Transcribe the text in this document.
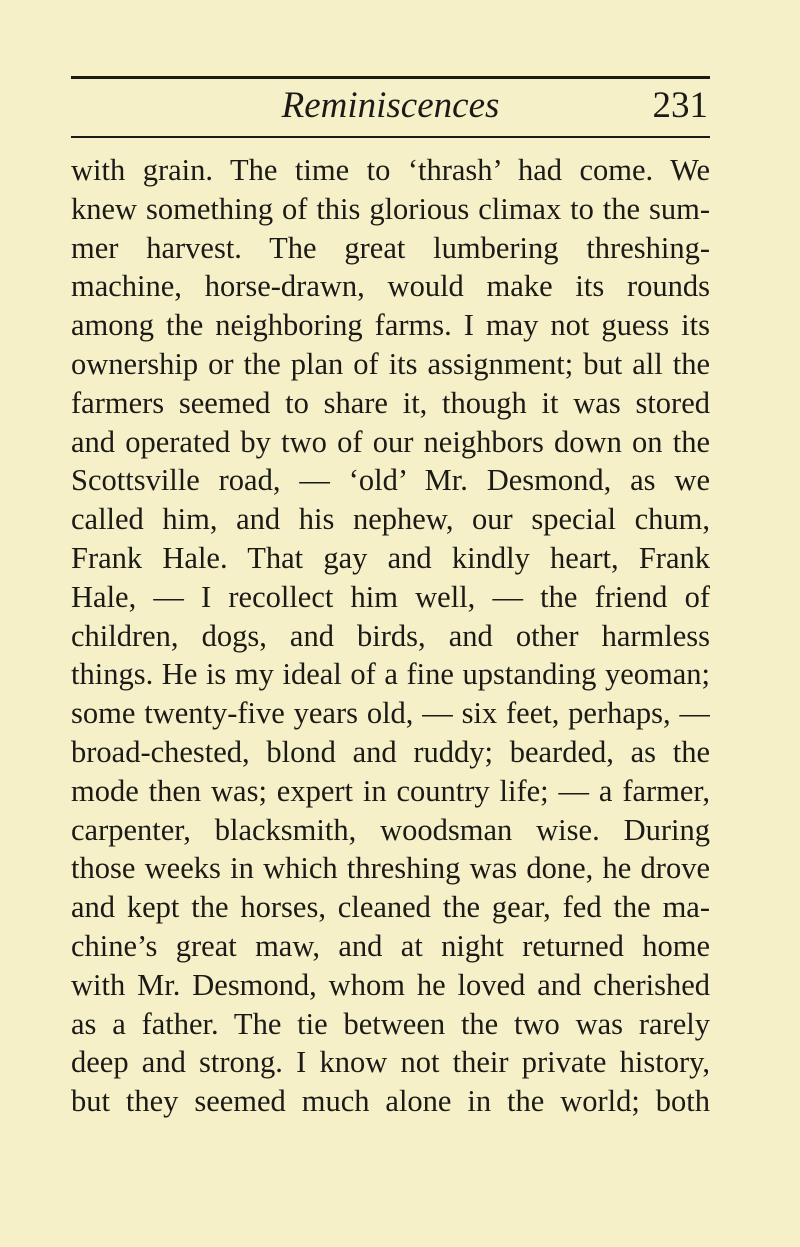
Reminiscences	231
with grain. The time to ‘thrash’ had come. We
knew something of this glorious climax to the sum-
mer harvest. The great lumbering threshing-
machine, horse-drawn, would make its rounds
among the neighboring farms. I may not guess its
ownership or the plan of its assignment; but all the
farmers seemed to share it, though it was stored
and operated by two of our neighbors down on the
Scottsville road, — ‘old’ Mr. Desmond, as we
called him, and his nephew, our special chum,
Frank Hale. That gay and kindly heart, Frank
Hale, — I recollect him well, — the friend of
children, dogs, and birds, and other harmless
things. He is my ideal of a fine upstanding yeoman;
some twenty-five years old, — six feet, perhaps, —
broad-chested, blond and ruddy; bearded, as the
mode then was; expert in country life; — a farmer,
carpenter, blacksmith, woodsman wise. During
those weeks in which threshing was done, he drove
and kept the horses, cleaned the gear, fed the ma-
chine’s great maw, and at night returned home
with Mr. Desmond, whom he loved and cherished
as a father. The tie between the two was rarely
deep and strong. I know not their private history,
but they seemed much alone in the world; both
